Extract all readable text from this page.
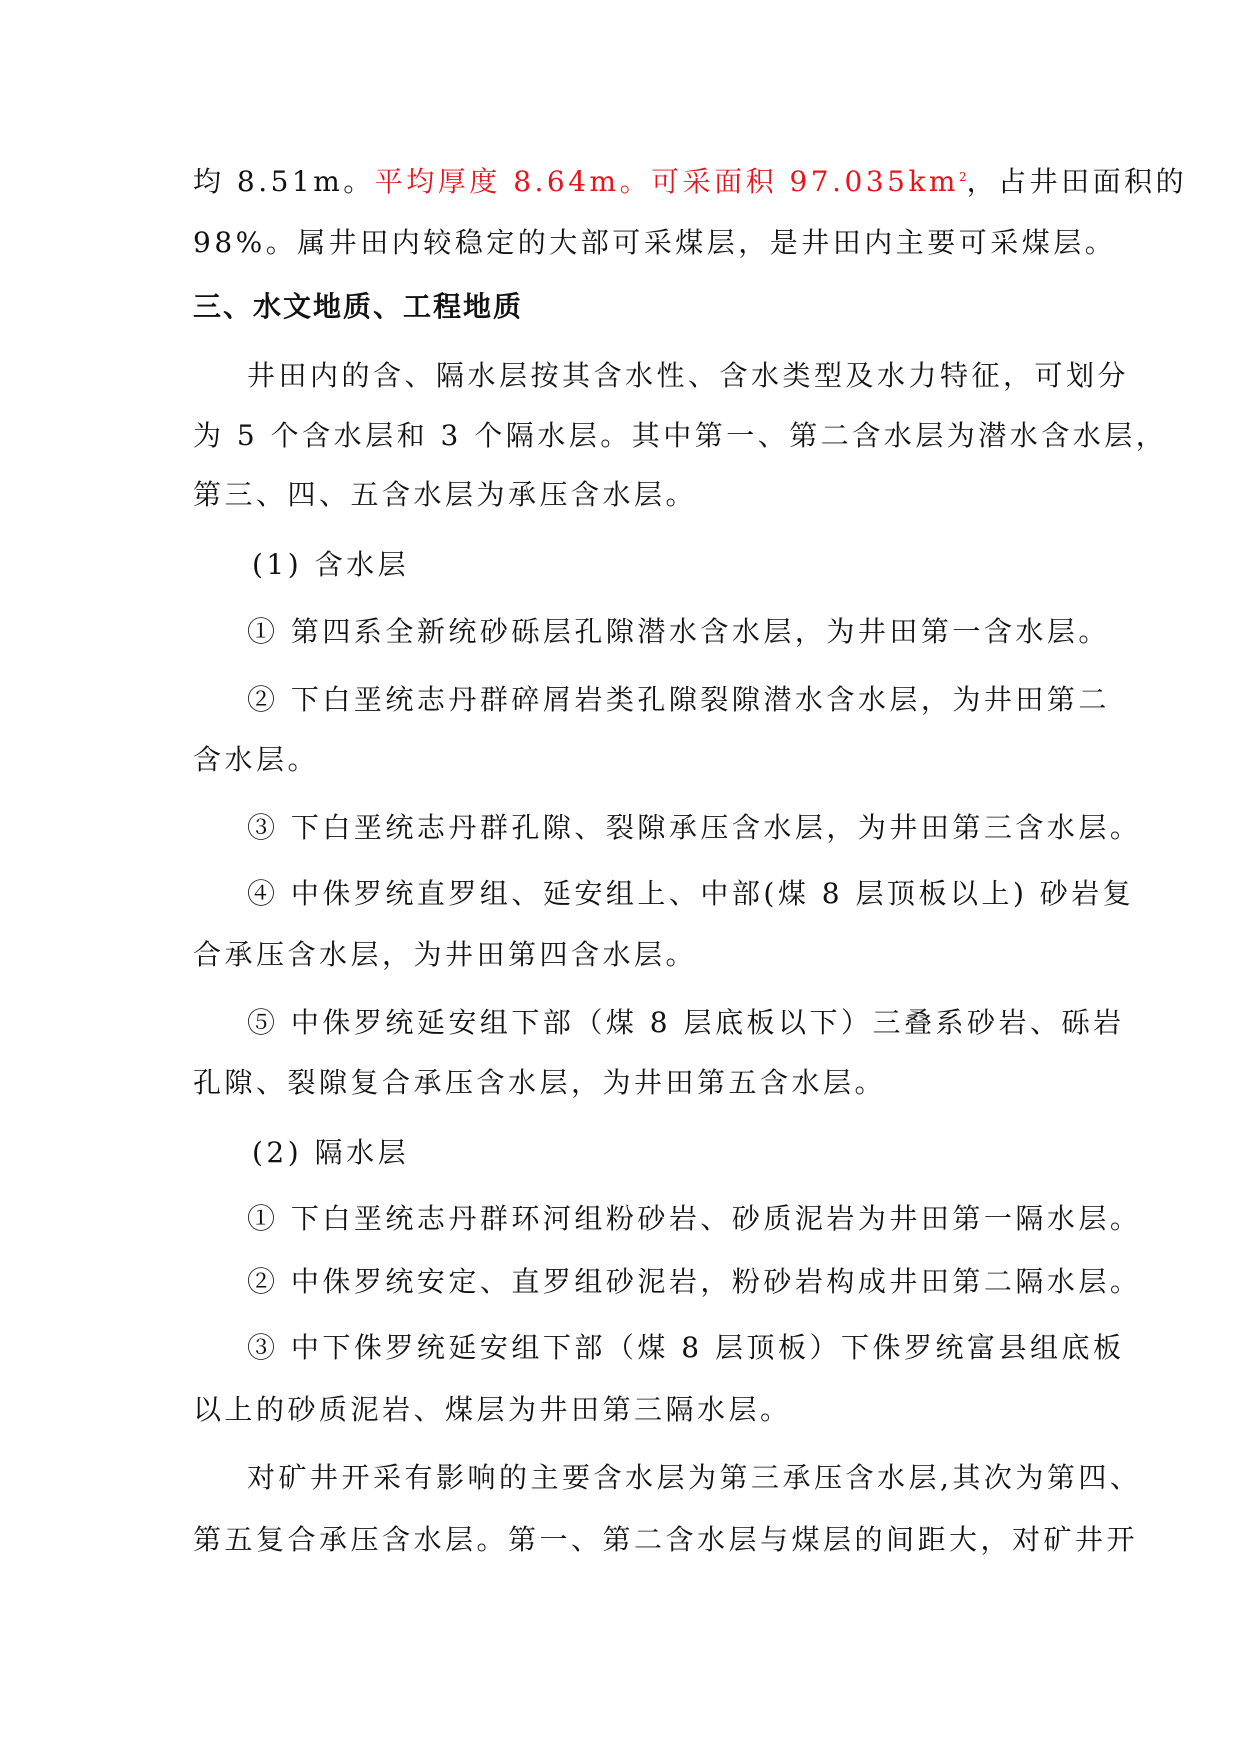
均 8.51m。平均厚度 8.64m。可采面积 $97.035km^2$，占井田面积的
98%。属井田内较稳定的大部可采煤层，是井田内主要可采煤层。
三、水文地质、工程地质
井田内的含、隔水层按其含水性、含水类型及水力特征，可划分
为 5 个含水层和 3 个隔水层。其中第一、第二含水层为潜水含水层，
第三、四、五含水层为承压含水层。
(1) 含水层
① 第四系全新统砂砾层孔隙潜水含水层，为井田第一含水层。
② 下白垩统志丹群碎屑岩类孔隙裂隙潜水含水层，为井田第二
含水层。
③ 下白垩统志丹群孔隙、裂隙承压含水层，为井田第三含水层。
④ 中侏罗统直罗组、延安组上、中部(煤 8 层顶板以上) 砂岩复
合承压含水层，为井田第四含水层。
⑤ 中侏罗统延安组下部（煤 8 层底板以下）三叠系砂岩、砾岩
孔隙、裂隙复合承压含水层，为井田第五含水层。
(2) 隔水层
① 下白垩统志丹群环河组粉砂岩、砂质泥岩为井田第一隔水层。
② 中侏罗统安定、直罗组砂泥岩，粉砂岩构成井田第二隔水层。
③ 中下侏罗统延安组下部（煤 8 层顶板）下侏罗统富县组底板
以上的砂质泥岩、煤层为井田第三隔水层。
对矿井开采有影响的主要含水层为第三承压含水层,其次为第四、
第五复合承压含水层。第一、第二含水层与煤层的间距大，对矿井开
